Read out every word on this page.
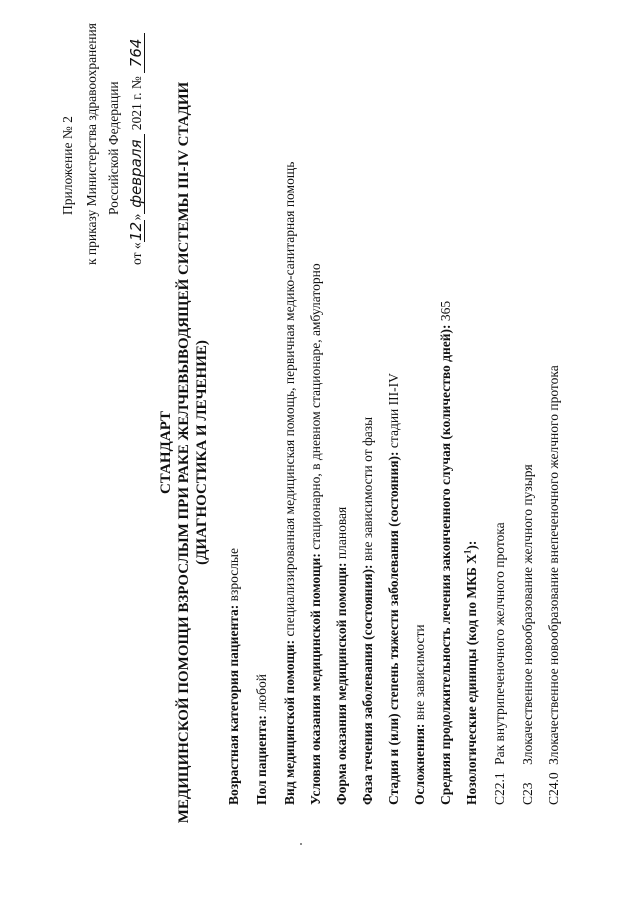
Приложение № 2 к приказу Министерства здравоохранения Российской Федерации
от «12»февраля 2021 г. № 764
СТАНДАРТ МЕДИЦИНСКОЙ ПОМОЩИ ВЗРОСЛЫМ ПРИ РАКЕ ЖЕЛЧЕВЫВОДЯЩЕЙ СИСТЕМЫ III-IV СТАДИИ (ДИАГНОСТИКА И ЛЕЧЕНИЕ)
Возрастная категория пациента: взрослые
Пол пациента: любой Вид медицинской помощи: специализированная медицинская помощь, первичная медико-санитарная помощь
Условия оказания медицинской помощи: стационарно, в дневном стационаре, амбулаторно
Форма оказания медицинской помощи: плановая
Фаза течения заболевания (состояния): вне зависимости от фазы Стадия и (или) степень тяжести заболевания (состояния): стадии III-IV
Осложнения: вне зависимости Средняя продолжительность лечения законченного случая (количество дней): 365
Нозологические единицы (код по МКБ $X^1$):
C22.1   Рак внутрипеченочного желчного протока
C23   Злокачественное новообразование желчного пузыря
C24.0   Злокачественное новообразование внепеченочного желчного протока
